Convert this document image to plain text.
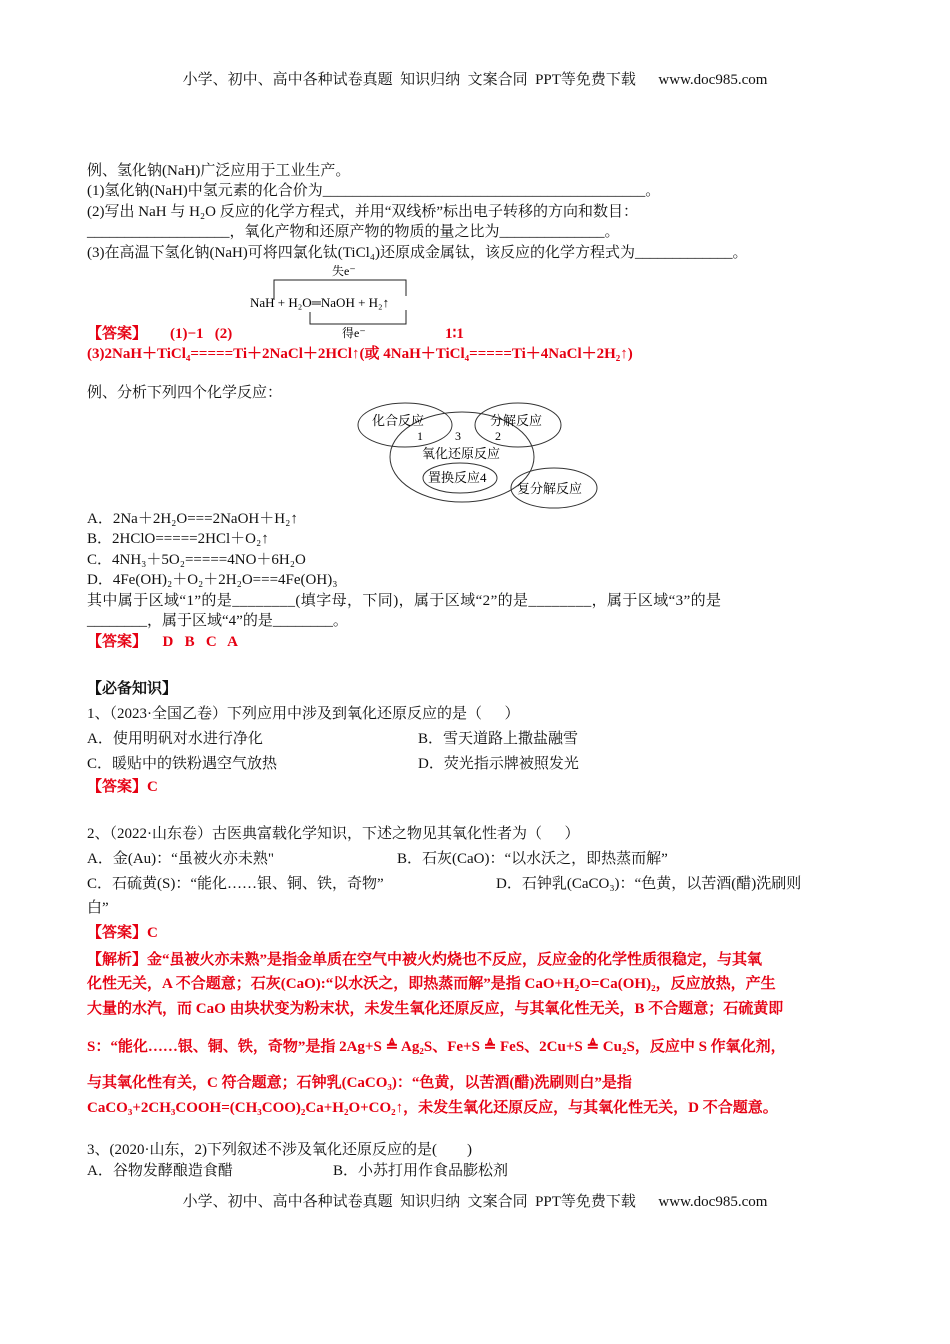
小学、初中、高中各种试卷真题  知识归纳  文案合同  PPT等免费下载      www.doc985.com
例、氢化钠(NaH)广泛应用于工业生产。
(1)氢化钠(NaH)中氢元素的化合价为___________________________________________。
(2)写出 NaH 与 H₂O 反应的化学方程式，并用“双线桥”标出电子转移的方向和数目：
___________________，氧化产物和还原产物的物质的量之比为______________。
(3)在高温下氢化钠(NaH)可将四氯化钛(TiCl₄)还原成金属钛，该反应的化学方程式为_____________。
失e⁻
NaH + H₂O═NaOH + H₂↑
得e⁻
【答案】 (1)−1   (2)	1∶1
(3)2NaH＋TiCl₄=====Ti＋2NaCl＋2HCl↑(或 4NaH＋TiCl₄=====Ti＋4NaCl＋2H₂↑)
例、分析下列四个化学反应：
化合反应	分解反应
1	3	2
氧化还原反应
置换反应4
复分解反应
A．2Na＋2H₂O===2NaOH＋H₂↑
B．2HClO=====2HCl＋O₂↑
C．4NH₃＋5O₂=====4NO＋6H₂O
D．4Fe(OH)₂＋O₂＋2H₂O===4Fe(OH)₃
其中属于区域“1”的是________(填字母，下同)，属于区域“2”的是________，属于区域“3”的是
________，属于区域“4”的是________。
【答案】 D   B   C   A
【必备知识】
1、（2023·全国乙卷）下列应用中涉及到氧化还原反应的是（      ）
A．使用明矾对水进行净化	B．雪天道路上撒盐融雪
C．暖贴中的铁粉遇空气放热	D．荧光指示牌被照发光
【答案】C
2、（2022·山东卷）古医典富载化学知识，下述之物见其氧化性者为（      ）
A．金(Au)：“虽被火亦未熟"	B．石灰(CaO)：“以水沃之，即热蒸而解”
C．石硫黄(S)：“能化……银、铜、铁，奇物”	D．石钟乳(CaCO₃)：“色黄，以苦酒(醋)洗刷则
白”
【答案】C
【解析】金“虽被火亦未熟”是指金单质在空气中被火灼烧也不反应，反应金的化学性质很稳定，与其氧
化性无关，A 不合题意；石灰(CaO):“以水沃之，即热蒸而解”是指 CaO+H₂O=Ca(OH)₂，反应放热，产生
大量的水汽，而 CaO 由块状变为粉末状，未发生氧化还原反应，与其氧化性无关，B 不合题意；石硫黄即
S：“能化……银、铜、铁，奇物”是指 2Ag+S ≜ Ag₂S、Fe+S ≜ FeS、2Cu+S ≜ Cu₂S，反应中 S 作氧化剂，
与其氧化性有关，C 符合题意；石钟乳(CaCO₃)：“色黄，以苦酒(醋)洗刷则白”是指
CaCO₃+2CH₃COOH=(CH₃COO)₂Ca+H₂O+CO₂↑，未发生氧化还原反应，与其氧化性无关，D 不合题意。
3、(2020·山东，2)下列叙述不涉及氧化还原反应的是(        )
A．谷物发酵酿造食醋	B．小苏打用作食品膨松剂
小学、初中、高中各种试卷真题  知识归纳  文案合同  PPT等免费下载      www.doc985.com
